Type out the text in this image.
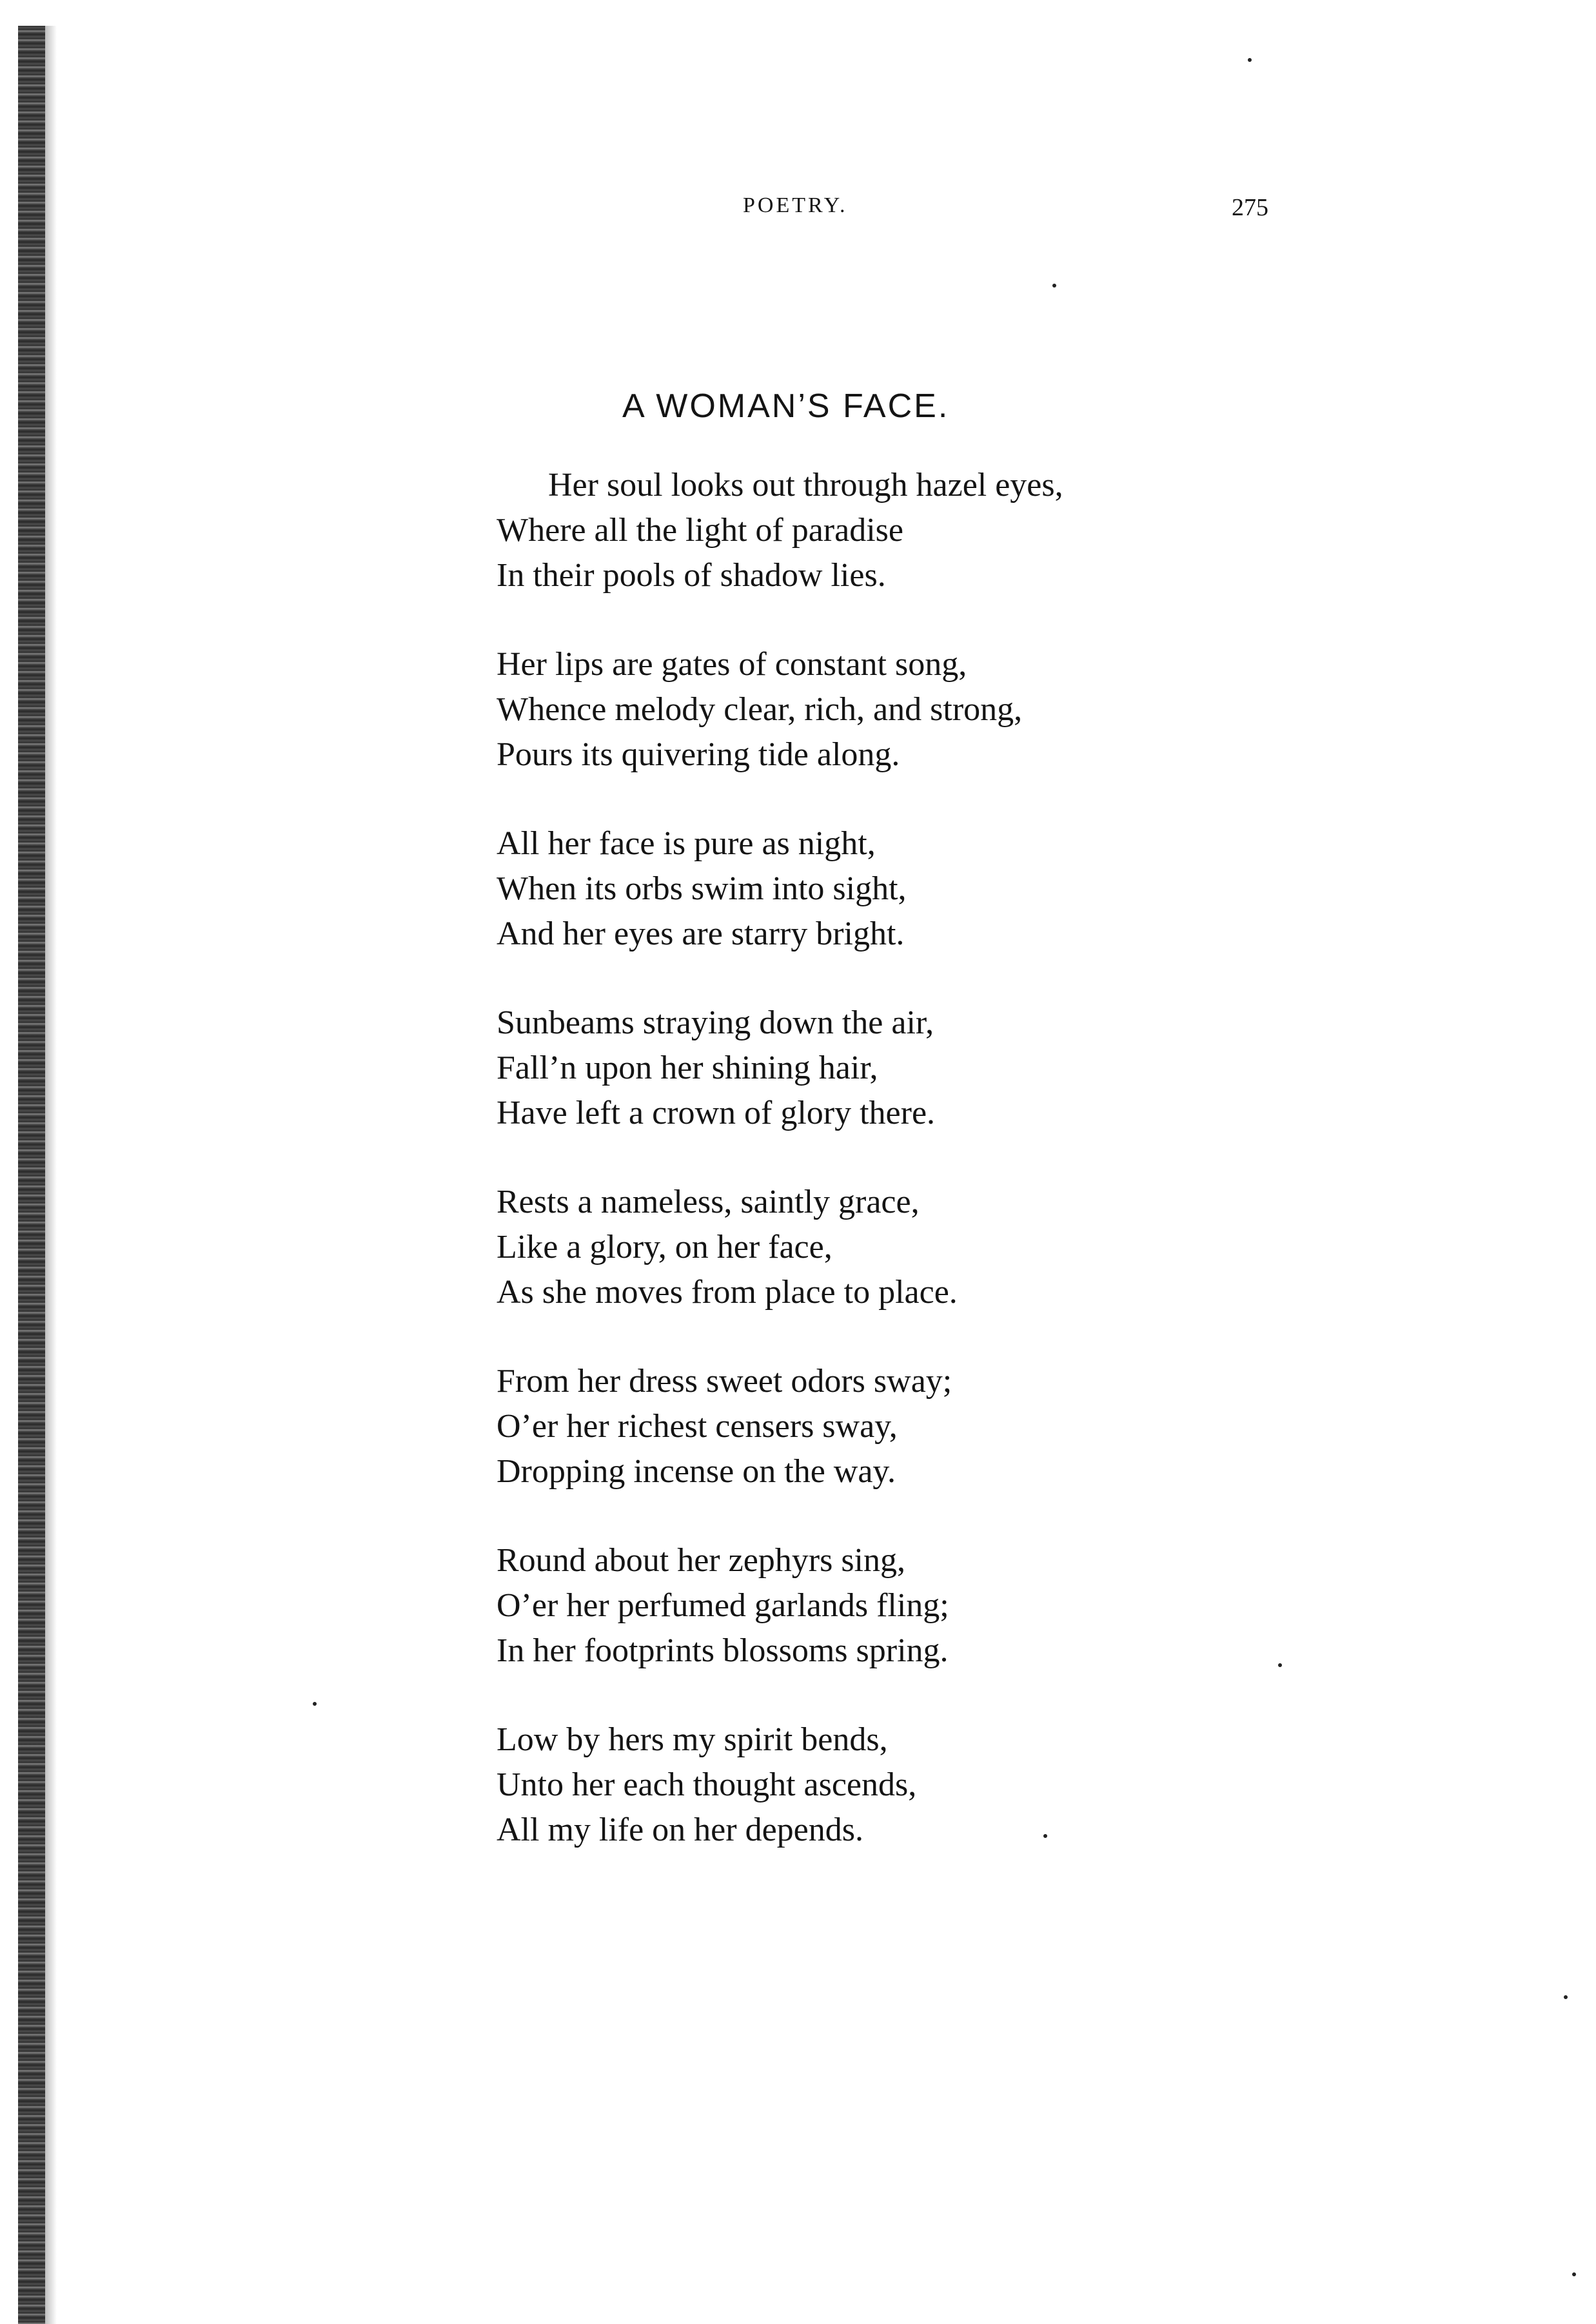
POETRY.	275
A WOMAN’S FACE.
Her soul looks out through hazel eyes,
Where all the light of paradise
In their pools of shadow lies.
Her lips are gates of constant song,
Whence melody clear, rich, and strong,
Pours its quivering tide along.
All her face is pure as night,
When its orbs swim into sight,
And her eyes are starry bright.
Sunbeams straying down the air,
Fall’n upon her shining hair,
Have left a crown of glory there.
Rests a nameless, saintly grace,
Like a glory, on her face,
As she moves from place to place.
From her dress sweet odors sway;
O’er her richest censers sway,
Dropping incense on the way.
Round about her zephyrs sing,
O’er her perfumed garlands fling;
In her footprints blossoms spring.
Low by hers my spirit bends,
Unto her each thought ascends,
All my life on her depends.
